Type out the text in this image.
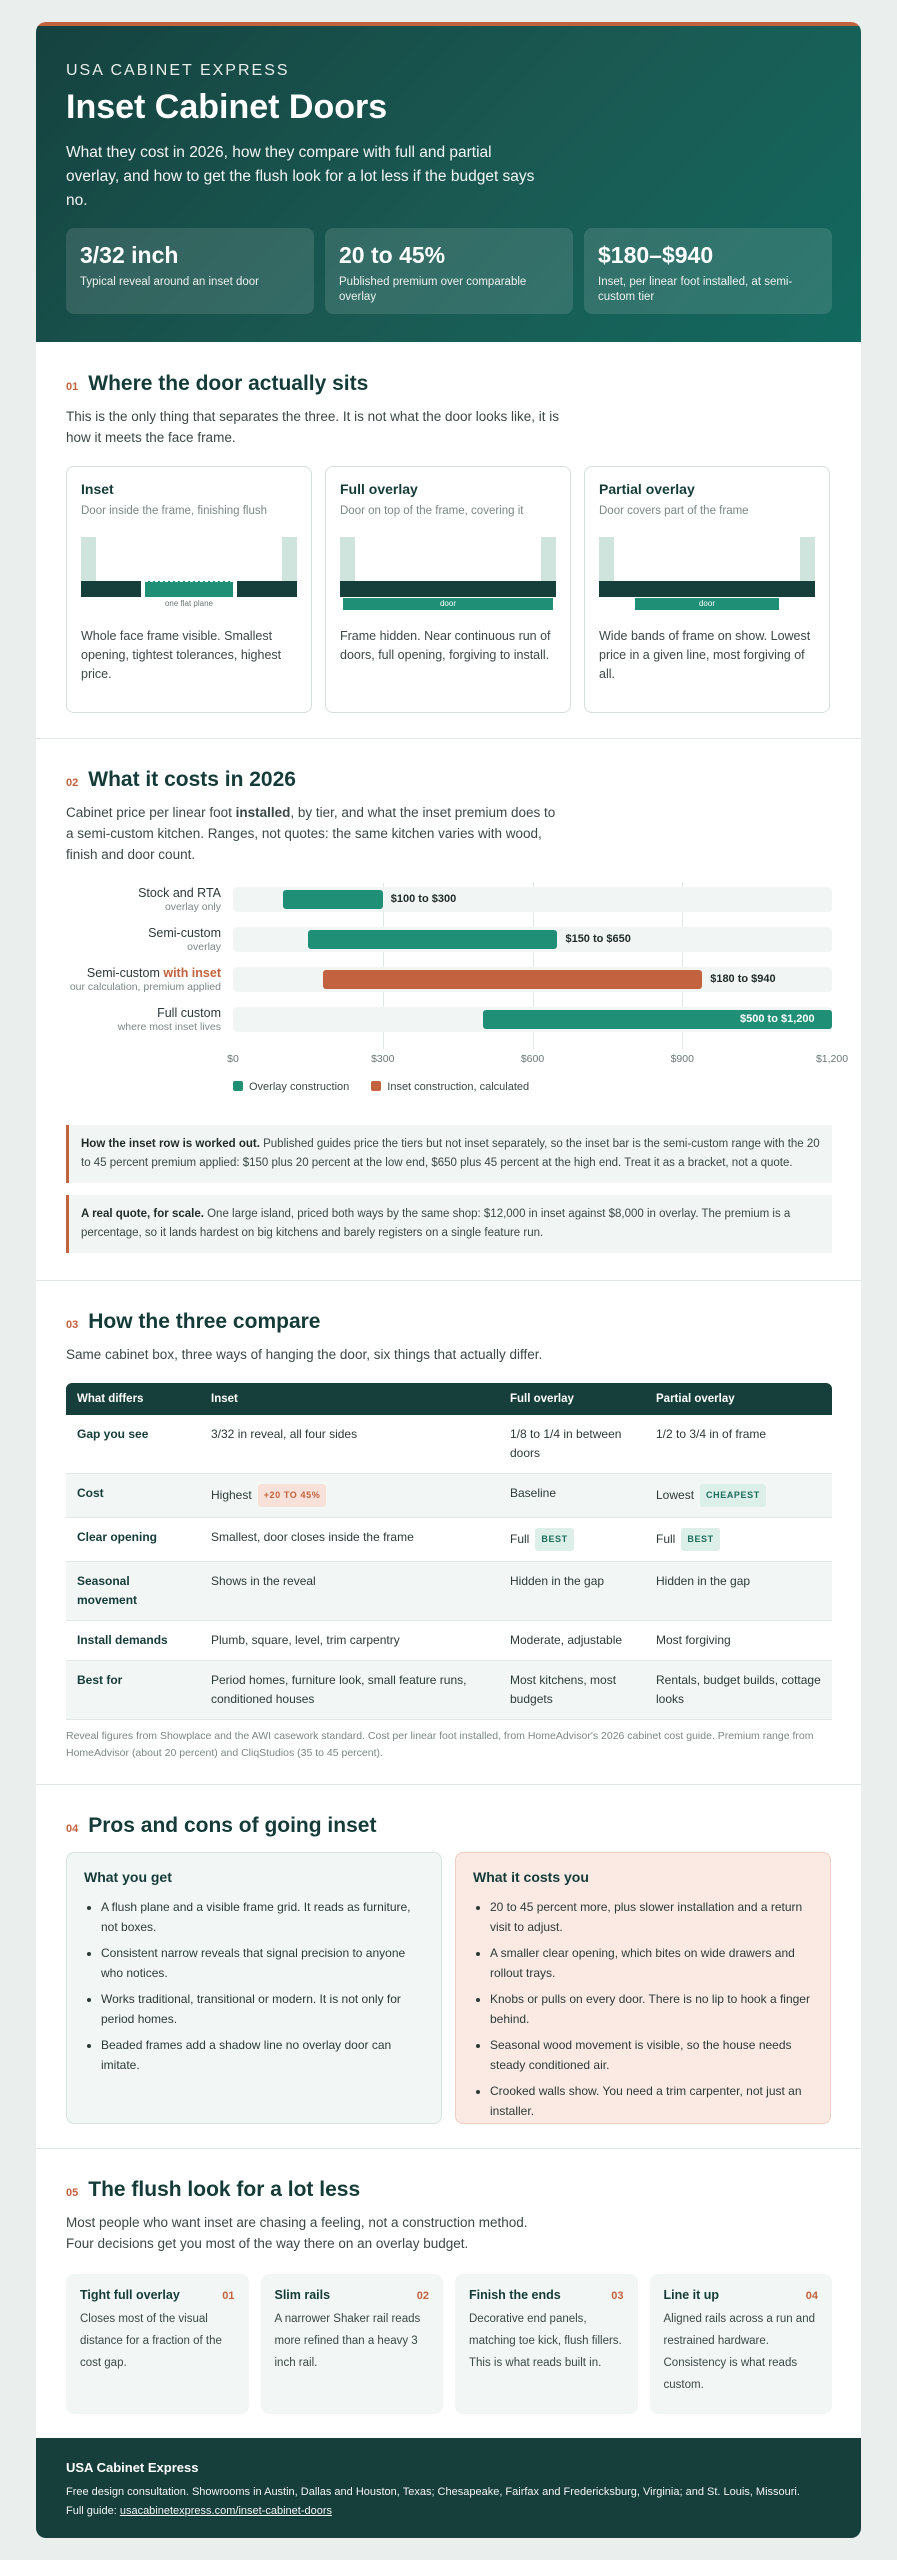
USA CABINET EXPRESS
Inset Cabinet Doors

What they cost in 2026, how they compare with full and partial overlay, and how to get the flush look for a lot less if the budget says no.

3/32 inch
Typical reveal around an inset door
20 to 45%
Published premium over comparable overlay
$180–$940
Inset, per linear foot installed, at semi-custom tier
01 Where the door actually sits

This is the only thing that separates the three. It is not what the door looks like, it is how it meets the face frame.

Inset
Door inside the frame, finishing flush
one flat plane

Whole face frame visible. Smallest opening, tightest tolerances, highest price.

Full overlay
Door on top of the frame, covering it
door

Frame hidden. Near continuous run of doors, full opening, forgiving to install.

Partial overlay
Door covers part of the frame
door

Wide bands of frame on show. Lowest price in a given line, most forgiving of all.

02 What it costs in 2026

Cabinet price per linear foot installed, by tier, and what the inset premium does to a semi-custom kitchen. Ranges, not quotes: the same kitchen varies with wood, finish and door count.

Stock and RTA
overlay only
Semi-custom
overlay
Semi-custom with inset
our calculation, premium applied
Full custom
where most inset lives
Overlay construction	Inset construction, calculated
$0	$300	$600	$900	$1,200
$100 to $300
$150 to $650
$180 to $940
$500 to $1,200
How the inset row is worked out. Published guides price the tiers but not inset separately, so the inset bar is the semi-custom range with the 20 to 45 percent premium applied: $150 plus 20 percent at the low end, $650 plus 45 percent at the high end. Treat it as a bracket, not a quote.
A real quote, for scale. One large island, priced both ways by the same shop: $12,000 in inset against $8,000 in overlay. The premium is a percentage, so it lands hardest on big kitchens and barely registers on a single feature run.
03 How the three compare

Same cabinet box, three ways of hanging the door, six things that actually differ.

What differs	Inset	Full overlay	Partial overlay
Gap you see	3/32 in reveal, all four sides	1/8 to 1/4 in between doors	1/2 to 3/4 in of frame
Cost	Highest +20 TO 45%	Baseline	Lowest CHEAPEST
Clear opening	Smallest, door closes inside the frame	Full BEST	Full BEST
Seasonal movement	Shows in the reveal	Hidden in the gap	Hidden in the gap
Install demands	Plumb, square, level, trim carpentry	Moderate, adjustable	Most forgiving
Best for	Period homes, furniture look, small feature runs, conditioned houses	Most kitchens, most budgets	Rentals, budget builds, cottage looks

Reveal figures from Showplace and the AWI casework standard. Cost per linear foot installed, from HomeAdvisor's 2026 cabinet cost guide. Premium range from HomeAdvisor (about 20 percent) and CliqStudios (35 to 45 percent).

04 Pros and cons of going inset
What you get
• A flush plane and a visible frame grid. It reads as furniture, not boxes.
• Consistent narrow reveals that signal precision to anyone who notices.
• Works traditional, transitional or modern. It is not only for period homes.
• Beaded frames add a shadow line no overlay door can imitate.
What it costs you
• 20 to 45 percent more, plus slower installation and a return visit to adjust.
• A smaller clear opening, which bites on wide drawers and rollout trays.
• Knobs or pulls on every door. There is no lip to hook a finger behind.
• Seasonal wood movement is visible, so the house needs steady conditioned air.
• Crooked walls show. You need a trim carpenter, not just an installer.
05 The flush look for a lot less

Most people who want inset are chasing a feeling, not a construction method. Four decisions get you most of the way there on an overlay budget.

Tight full overlay	01

Closes most of the visual distance for a fraction of the cost gap.

Slim rails	02

A narrower Shaker rail reads more refined than a heavy 3 inch rail.

Finish the ends	03

Decorative end panels, matching toe kick, flush fillers. This is what reads built in.

Line it up	04

Aligned rails across a run and restrained hardware. Consistency is what reads custom.

USA Cabinet Express
Free design consultation. Showrooms in Austin, Dallas and Houston, Texas; Chesapeake, Fairfax and Fredericksburg, Virginia; and St. Louis, Missouri.
Full guide: usacabinetexpress.com/inset-cabinet-doors
